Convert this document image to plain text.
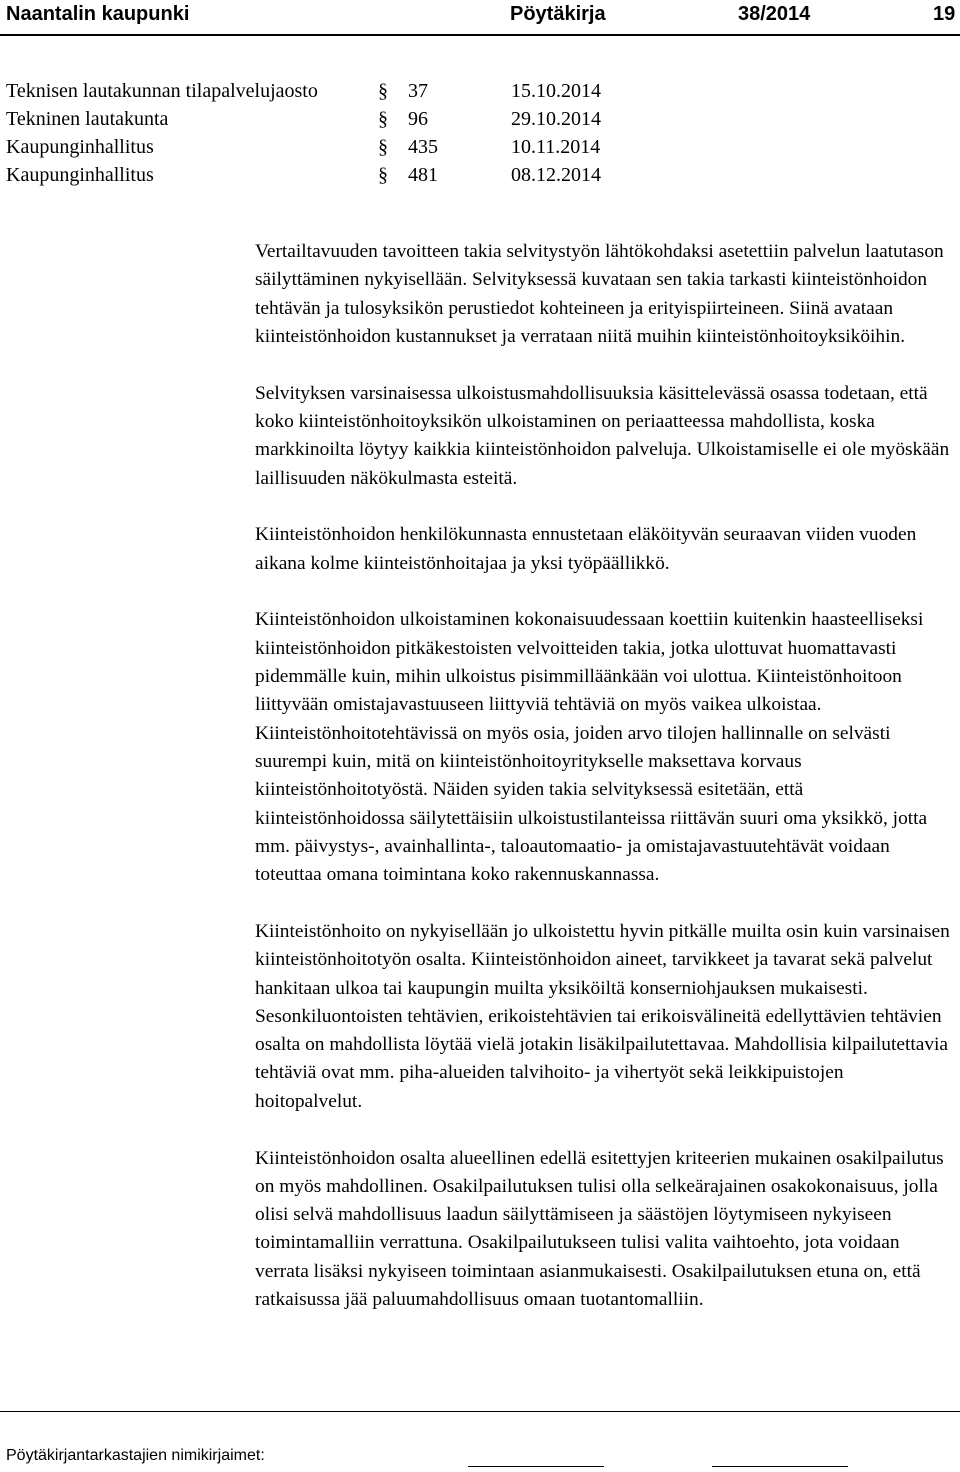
Naantalin kaupunki	Pöytäkirja	38/2014	19
Teknisen lautakunnan tilapalvelujaosto	§ 37	15.10.2014
Tekninen lautakunta	§ 96	29.10.2014
Kaupunginhallitus	§ 435	10.11.2014
Kaupunginhallitus	§ 481	08.12.2014

Vertailtavuuden tavoitteen takia selvitystyön lähtökohdaksi asetettiin palvelun laatutason säilyttäminen nykyisellään. Selvityksessä kuvataan sen takia tarkasti kiinteistönhoidon tehtävän ja tulosyksikön perustiedot kohteineen ja erityispiirteineen. Siinä avataan kiinteistönhoidon kustannukset ja verrataan niitä muihin kiinteistönhoitoyksiköihin.

Selvityksen varsinaisessa ulkoistusmahdollisuuksia käsittelevässä osassa todetaan, että koko kiinteistönhoitoyksikön ulkoistaminen on periaatteessa mahdollista, koska markkinoilta löytyy kaikkia kiinteistönhoidon palveluja. Ulkoistamiselle ei ole myöskään laillisuuden näkökulmasta esteitä.

Kiinteistönhoidon henkilökunnasta ennustetaan eläköityvän seuraavan viiden vuoden aikana kolme kiinteistönhoitajaa ja yksi työpäällikkö.

Kiinteistönhoidon ulkoistaminen kokonaisuudessaan koettiin kuitenkin haasteelliseksi kiinteistönhoidon pitkäkestoisten velvoitteiden takia, jotka ulottuvat huomattavasti pidemmälle kuin, mihin ulkoistus pisimmilläänkään voi ulottua. Kiinteistönhoitoon liittyvään omistajavastuuseen liittyviä tehtäviä on myös vaikea ulkoistaa. Kiinteistönhoitotehtävissä on myös osia, joiden arvo tilojen hallinnalle on selvästi suurempi kuin, mitä on kiinteistönhoitoyritykselle maksettava korvaus kiinteistönhoitotyöstä. Näiden syiden takia selvityksessä esitetään, että kiinteistönhoidossa säilytettäisiin ulkoistustilanteissa riittävän suuri oma yksikkö, jotta mm. päivystys-, avainhallinta-, taloautomaatio- ja omistajavastuutehtävät voidaan toteuttaa omana toimintana koko rakennuskannassa.

Kiinteistönhoito on nykyisellään jo ulkoistettu hyvin pitkälle muilta osin kuin varsinaisen kiinteistönhoitotyön osalta. Kiinteistönhoidon aineet, tarvikkeet ja tavarat sekä palvelut hankitaan ulkoa tai kaupungin muilta yksiköiltä konserniohjauksen mukaisesti. Sesonkiluontoisten tehtävien, erikoistehtävien tai erikoisvälineitä edellyttävien tehtävien osalta on mahdollista löytää vielä jotakin lisäkilpailutettavaa. Mahdollisia kilpailutettavia tehtäviä ovat mm. piha-alueiden talvihoito- ja vihertyöt sekä leikkipuistojen hoitopalvelut.

Kiinteistönhoidon osalta alueellinen edellä esitettyjen kriteerien mukainen osakilpailutus on myös mahdollinen. Osakilpailutuksen tulisi olla selkeärajainen osakokonaisuus, jolla olisi selvä mahdollisuus laadun säilyttämiseen ja säästöjen löytymiseen nykyiseen toimintamalliin verrattuna. Osakilpailutukseen tulisi valita vaihtoehto, jota voidaan verrata lisäksi nykyiseen toimintaan asianmukaisesti. Osakilpailutuksen etuna on, että ratkaisussa jää paluumahdollisuus omaan tuotantomalliin.

Pöytäkirjantarkastajien nimikirjaimet:
